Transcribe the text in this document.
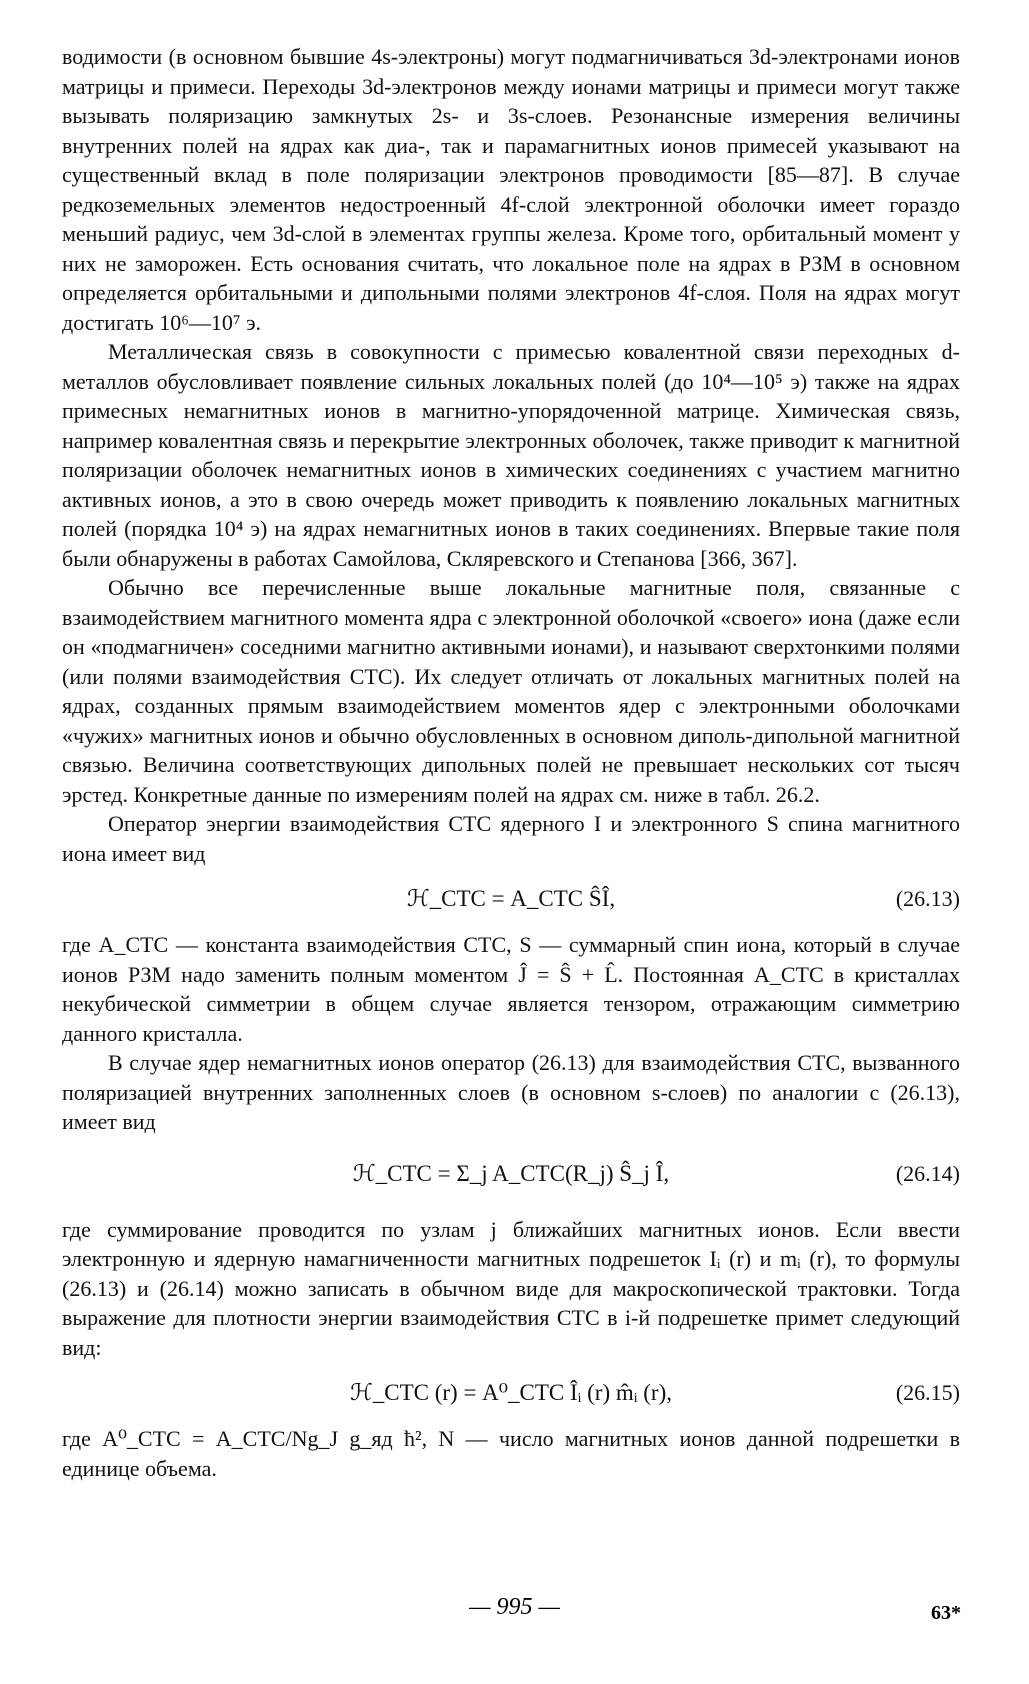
водимости (в основном бывшие 4s-электроны) могут подмагничиваться 3d-электронами ионов матрицы и примеси. Переходы 3d-электронов между ионами матрицы и примеси могут также вызывать поляризацию замкнутых 2s- и 3s-слоев. Резонансные измерения величины внутренних полей на ядрах как диа-, так и парамагнитных ионов примесей указывают на существенный вклад в поле поляризации электронов проводимости [85—87]. В случае редкоземельных элементов недостроенный 4f-слой электронной оболочки имеет гораздо меньший радиус, чем 3d-слой в элементах группы железа. Кроме того, орбитальный момент у них не заморожен. Есть основания считать, что локальное поле на ядрах в РЗМ в основном определяется орбитальными и дипольными полями электронов 4f-слоя. Поля на ядрах могут достигать 10⁶—10⁷ э.

Металлическая связь в совокупности с примесью ковалентной связи переходных d-металлов обусловливает появление сильных локальных полей (до 10⁴—10⁵ э) также на ядрах примесных немагнитных ионов в магнитно-упорядоченной матрице. Химическая связь, например ковалентная связь и перекрытие электронных оболочек, также приводит к магнитной поляризации оболочек немагнитных ионов в химических соединениях с участием магнитно активных ионов, а это в свою очередь может приводить к появлению локальных магнитных полей (порядка 10⁴ э) на ядрах немагнитных ионов в таких соединениях. Впервые такие поля были обнаружены в работах Самойлова, Скляревского и Степанова [366, 367].

Обычно все перечисленные выше локальные магнитные поля, связанные с взаимодействием магнитного момента ядра с электронной оболочкой «своего» иона (даже если он «подмагничен» соседними магнитно активными ионами), и называют сверхтонкими полями (или полями взаимодействия СТС). Их следует отличать от локальных магнитных полей на ядрах, созданных прямым взаимодействием моментов ядер с электронными оболочками «чужих» магнитных ионов и обычно обусловленных в основном диполь-дипольной магнитной связью. Величина соответствующих дипольных полей не превышает нескольких сот тысяч эрстед. Конкретные данные по измерениям полей на ядрах см. ниже в табл. 26.2.

Оператор энергии взаимодействия СТС ядерного I и электронного S спина магнитного иона имеет вид

ℋ_СТС = A_СТС ŜÎ,	(26.13)

где A_СТС — константа взаимодействия СТС, S — суммарный спин иона, который в случае ионов РЗМ надо заменить полным моментом Ĵ = Ŝ + L̂. Постоянная A_СТС в кристаллах некубической симметрии в общем случае является тензором, отражающим симметрию данного кристалла.

В случае ядер немагнитных ионов оператор (26.13) для взаимодействия СТС, вызванного поляризацией внутренних заполненных слоев (в основном s-слоев) по аналогии с (26.13), имеет вид

ℋ_СТС = Σ_j A_СТС(R_j) Ŝ_j Î,	(26.14)

где суммирование проводится по узлам j ближайших магнитных ионов. Если ввести электронную и ядерную намагниченности магнитных подрешеток Iᵢ (r) и mᵢ (r), то формулы (26.13) и (26.14) можно записать в обычном виде для макроскопической трактовки. Тогда выражение для плотности энергии взаимодействия СТС в i-й подрешетке примет следующий вид:

ℋ_СТС (r) = A⁰_СТС Îᵢ (r) m̂ᵢ (r),	(26.15)

где A⁰_СТС = A_СТС/Ng_J g_яд ħ², N — число магнитных ионов данной подрешетки в единице объема.

— 995 —	63*
